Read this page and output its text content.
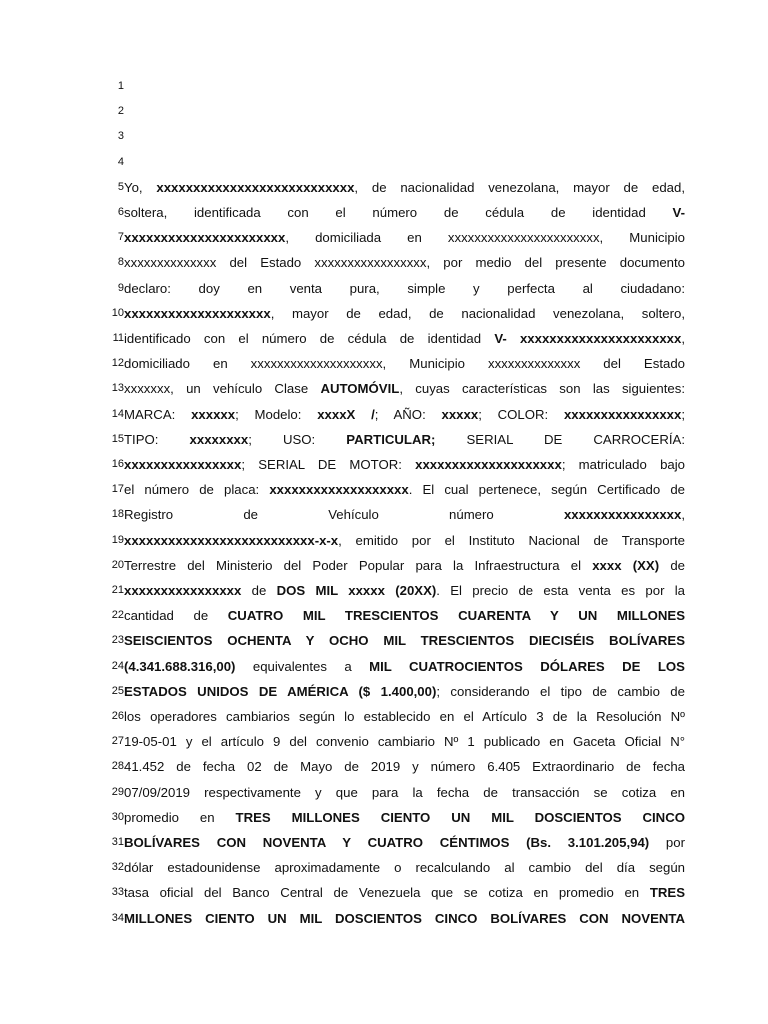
1
2
3
4
5 Yo, xxxxxxxxxxxxxxxxxxxxxxxxxxx, de nacionalidad venezolana, mayor de edad,
6 soltera, identificada con el número de cédula de identidad V-
7 xxxxxxxxxxxxxxxxxxxxxx, domiciliada en xxxxxxxxxxxxxxxxxxxxxxx, Municipio
8 xxxxxxxxxxxxxx del Estado xxxxxxxxxxxxxxxxx, por medio del presente documento
9 declaro: doy en venta pura, simple y perfecta al ciudadano:
10 xxxxxxxxxxxxxxxxxxxx, mayor de edad, de nacionalidad venezolana, soltero,
11 identificado con el número de cédula de identidad V- xxxxxxxxxxxxxxxxxxxxxx,
12 domiciliado en xxxxxxxxxxxxxxxxxxxx, Municipio xxxxxxxxxxxxxx del Estado
13 xxxxxxx, un vehículo Clase AUTOMÓVIL, cuyas características son las siguientes:
14 MARCA: xxxxxx; Modelo: xxxxX /; AÑO: xxxxx; COLOR: xxxxxxxxxxxxxxxx;
15 TIPO: xxxxxxxx; USO: PARTICULAR; SERIAL DE CARROCERÍA:
16 xxxxxxxxxxxxxxxx; SERIAL DE MOTOR: xxxxxxxxxxxxxxxxxxxx; matriculado bajo
17 el número de placa: xxxxxxxxxxxxxxxxxxx. El cual pertenece, según Certificado de
18 Registro de Vehículo número xxxxxxxxxxxxxxxx,
19 xxxxxxxxxxxxxxxxxxxxxxxxxx-x-x, emitido por el Instituto Nacional de Transporte
20 Terrestre del Ministerio del Poder Popular para la Infraestructura el xxxx (XX) de
21 xxxxxxxxxxxxxxxx de DOS MIL xxxxx (20XX). El precio de esta venta es por la
22 cantidad de CUATRO MIL TRESCIENTOS CUARENTA Y UN MILLONES
23 SEISCIENTOS OCHENTA Y OCHO MIL TRESCIENTOS DIECISÉIS BOLÍVARES
24 (4.341.688.316,00) equivalentes a MIL CUATROCIENTOS DÓLARES DE LOS
25 ESTADOS UNIDOS DE AMÉRICA ($ 1.400,00); considerando el tipo de cambio de
26 los operadores cambiarios según lo establecido en el Artículo 3 de la Resolución Nº
27 19-05-01 y el artículo 9 del convenio cambiario Nº 1 publicado en Gaceta Oficial N°
28 41.452 de fecha 02 de Mayo de 2019 y número 6.405 Extraordinario de fecha
29 07/09/2019 respectivamente y que para la fecha de transacción se cotiza en
30 promedio en TRES MILLONES CIENTO UN MIL DOSCIENTOS CINCO
31 BOLÍVARES CON NOVENTA Y CUATRO CÉNTIMOS (Bs. 3.101.205,94) por
32 dólar estadounidense aproximadamente o recalculando al cambio del día según
33 tasa oficial del Banco Central de Venezuela que se cotiza en promedio en TRES
34 MILLONES CIENTO UN MIL DOSCIENTOS CINCO BOLÍVARES CON NOVENTA
